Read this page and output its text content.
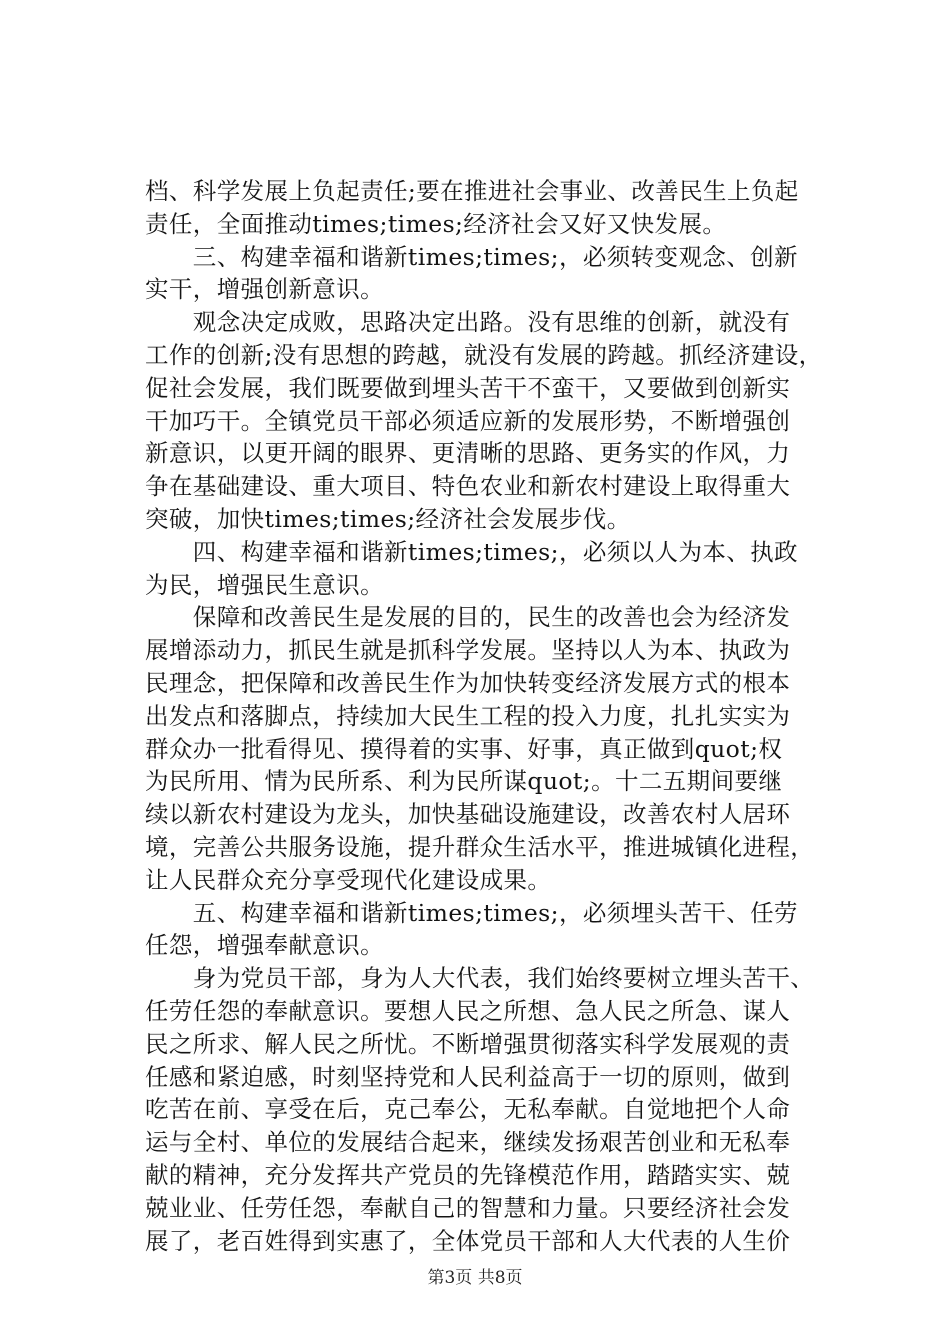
档、科学发展上负起责任;要在推进社会事业、改善民生上负起
责任，全面推动times;times;经济社会又好又快发展。
　　三、构建幸福和谐新times;times;，必须转变观念、创新
实干，增强创新意识。
　　观念决定成败，思路决定出路。没有思维的创新，就没有
工作的创新;没有思想的跨越，就没有发展的跨越。抓经济建设，
促社会发展，我们既要做到埋头苦干不蛮干，又要做到创新实
干加巧干。全镇党员干部必须适应新的发展形势，不断增强创
新意识，以更开阔的眼界、更清晰的思路、更务实的作风，力
争在基础建设、重大项目、特色农业和新农村建设上取得重大
突破，加快times;times;经济社会发展步伐。
　　四、构建幸福和谐新times;times;，必须以人为本、执政
为民，增强民生意识。
　　保障和改善民生是发展的目的，民生的改善也会为经济发
展增添动力，抓民生就是抓科学发展。坚持以人为本、执政为
民理念，把保障和改善民生作为加快转变经济发展方式的根本
出发点和落脚点，持续加大民生工程的投入力度，扎扎实实为
群众办一批看得见、摸得着的实事、好事，真正做到quot;权
为民所用、情为民所系、利为民所谋quot;。十二五期间要继
续以新农村建设为龙头，加快基础设施建设，改善农村人居环
境，完善公共服务设施，提升群众生活水平，推进城镇化进程，
让人民群众充分享受现代化建设成果。
　　五、构建幸福和谐新times;times;，必须埋头苦干、任劳
任怨，增强奉献意识。
　　身为党员干部，身为人大代表，我们始终要树立埋头苦干、
任劳任怨的奉献意识。要想人民之所想、急人民之所急、谋人
民之所求、解人民之所忧。不断增强贯彻落实科学发展观的责
任感和紧迫感，时刻坚持党和人民利益高于一切的原则，做到
吃苦在前、享受在后，克己奉公，无私奉献。自觉地把个人命
运与全村、单位的发展结合起来，继续发扬艰苦创业和无私奉
献的精神，充分发挥共产党员的先锋模范作用，踏踏实实、兢
兢业业、任劳任怨，奉献自己的智慧和力量。只要经济社会发
展了，老百姓得到实惠了，全体党员干部和人大代表的人生价
第3页 共8页
